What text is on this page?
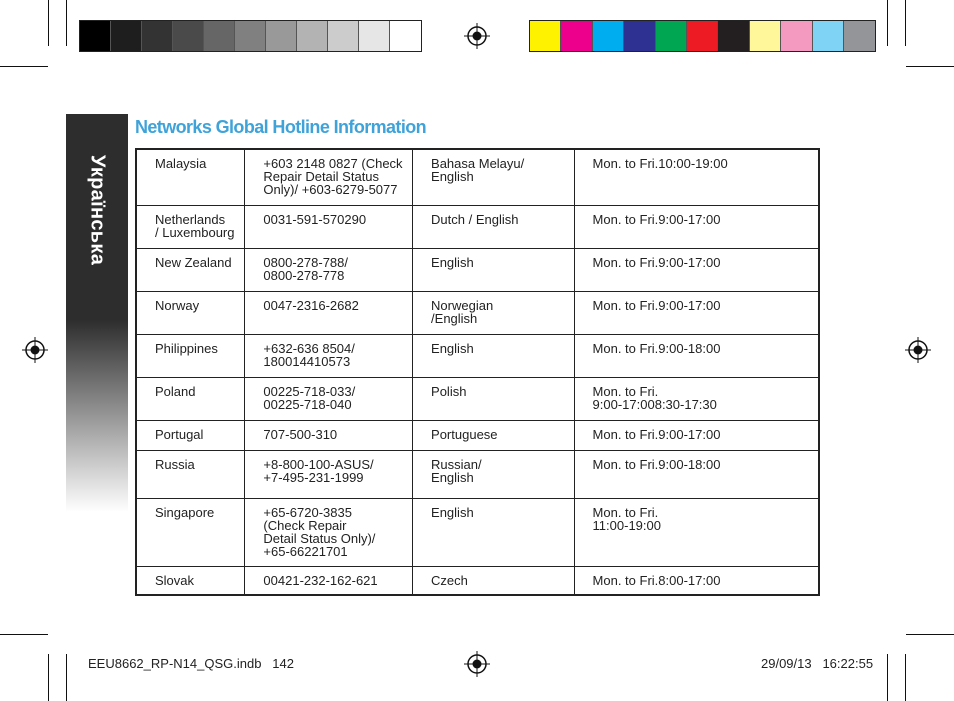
Українська
Networks Global Hotline Information
Malaysia	+603 2148 0827 (Check
Repair Detail Status
Only)/ +603-6279-5077	Bahasa Melayu/
English	Mon. to Fri.10:00-19:00

Netherlands
/ Luxembourg	0031-591-570290	Dutch / English	Mon. to Fri.9:00-17:00

New Zealand	0800-278-788/
0800-278-778	English	Mon. to Fri.9:00-17:00

Norway	0047-2316-2682	Norwegian
/English	Mon. to Fri.9:00-17:00

Philippines	+632-636 8504/
180014410573	English	Mon. to Fri.9:00-18:00

Poland	00225-718-033/
00225-718-040	Polish	Mon. to Fri.
9:00-17:008:30-17:30

Portugal	707-500-310	Portuguese	Mon. to Fri.9:00-17:00

Russia	+8-800-100-ASUS/
+7-495-231-1999	Russian/
English	Mon. to Fri.9:00-18:00

Singapore	+65-6720-3835
(Check Repair
Detail Status Only)/
+65-66221701	English	Mon. to Fri.
11:00-19:00

Slovak	00421-232-162-621	Czech	Mon. to Fri.8:00-17:00
EEU8662_RP-N14_QSG.indb   142	29/09/13   16:22:55
